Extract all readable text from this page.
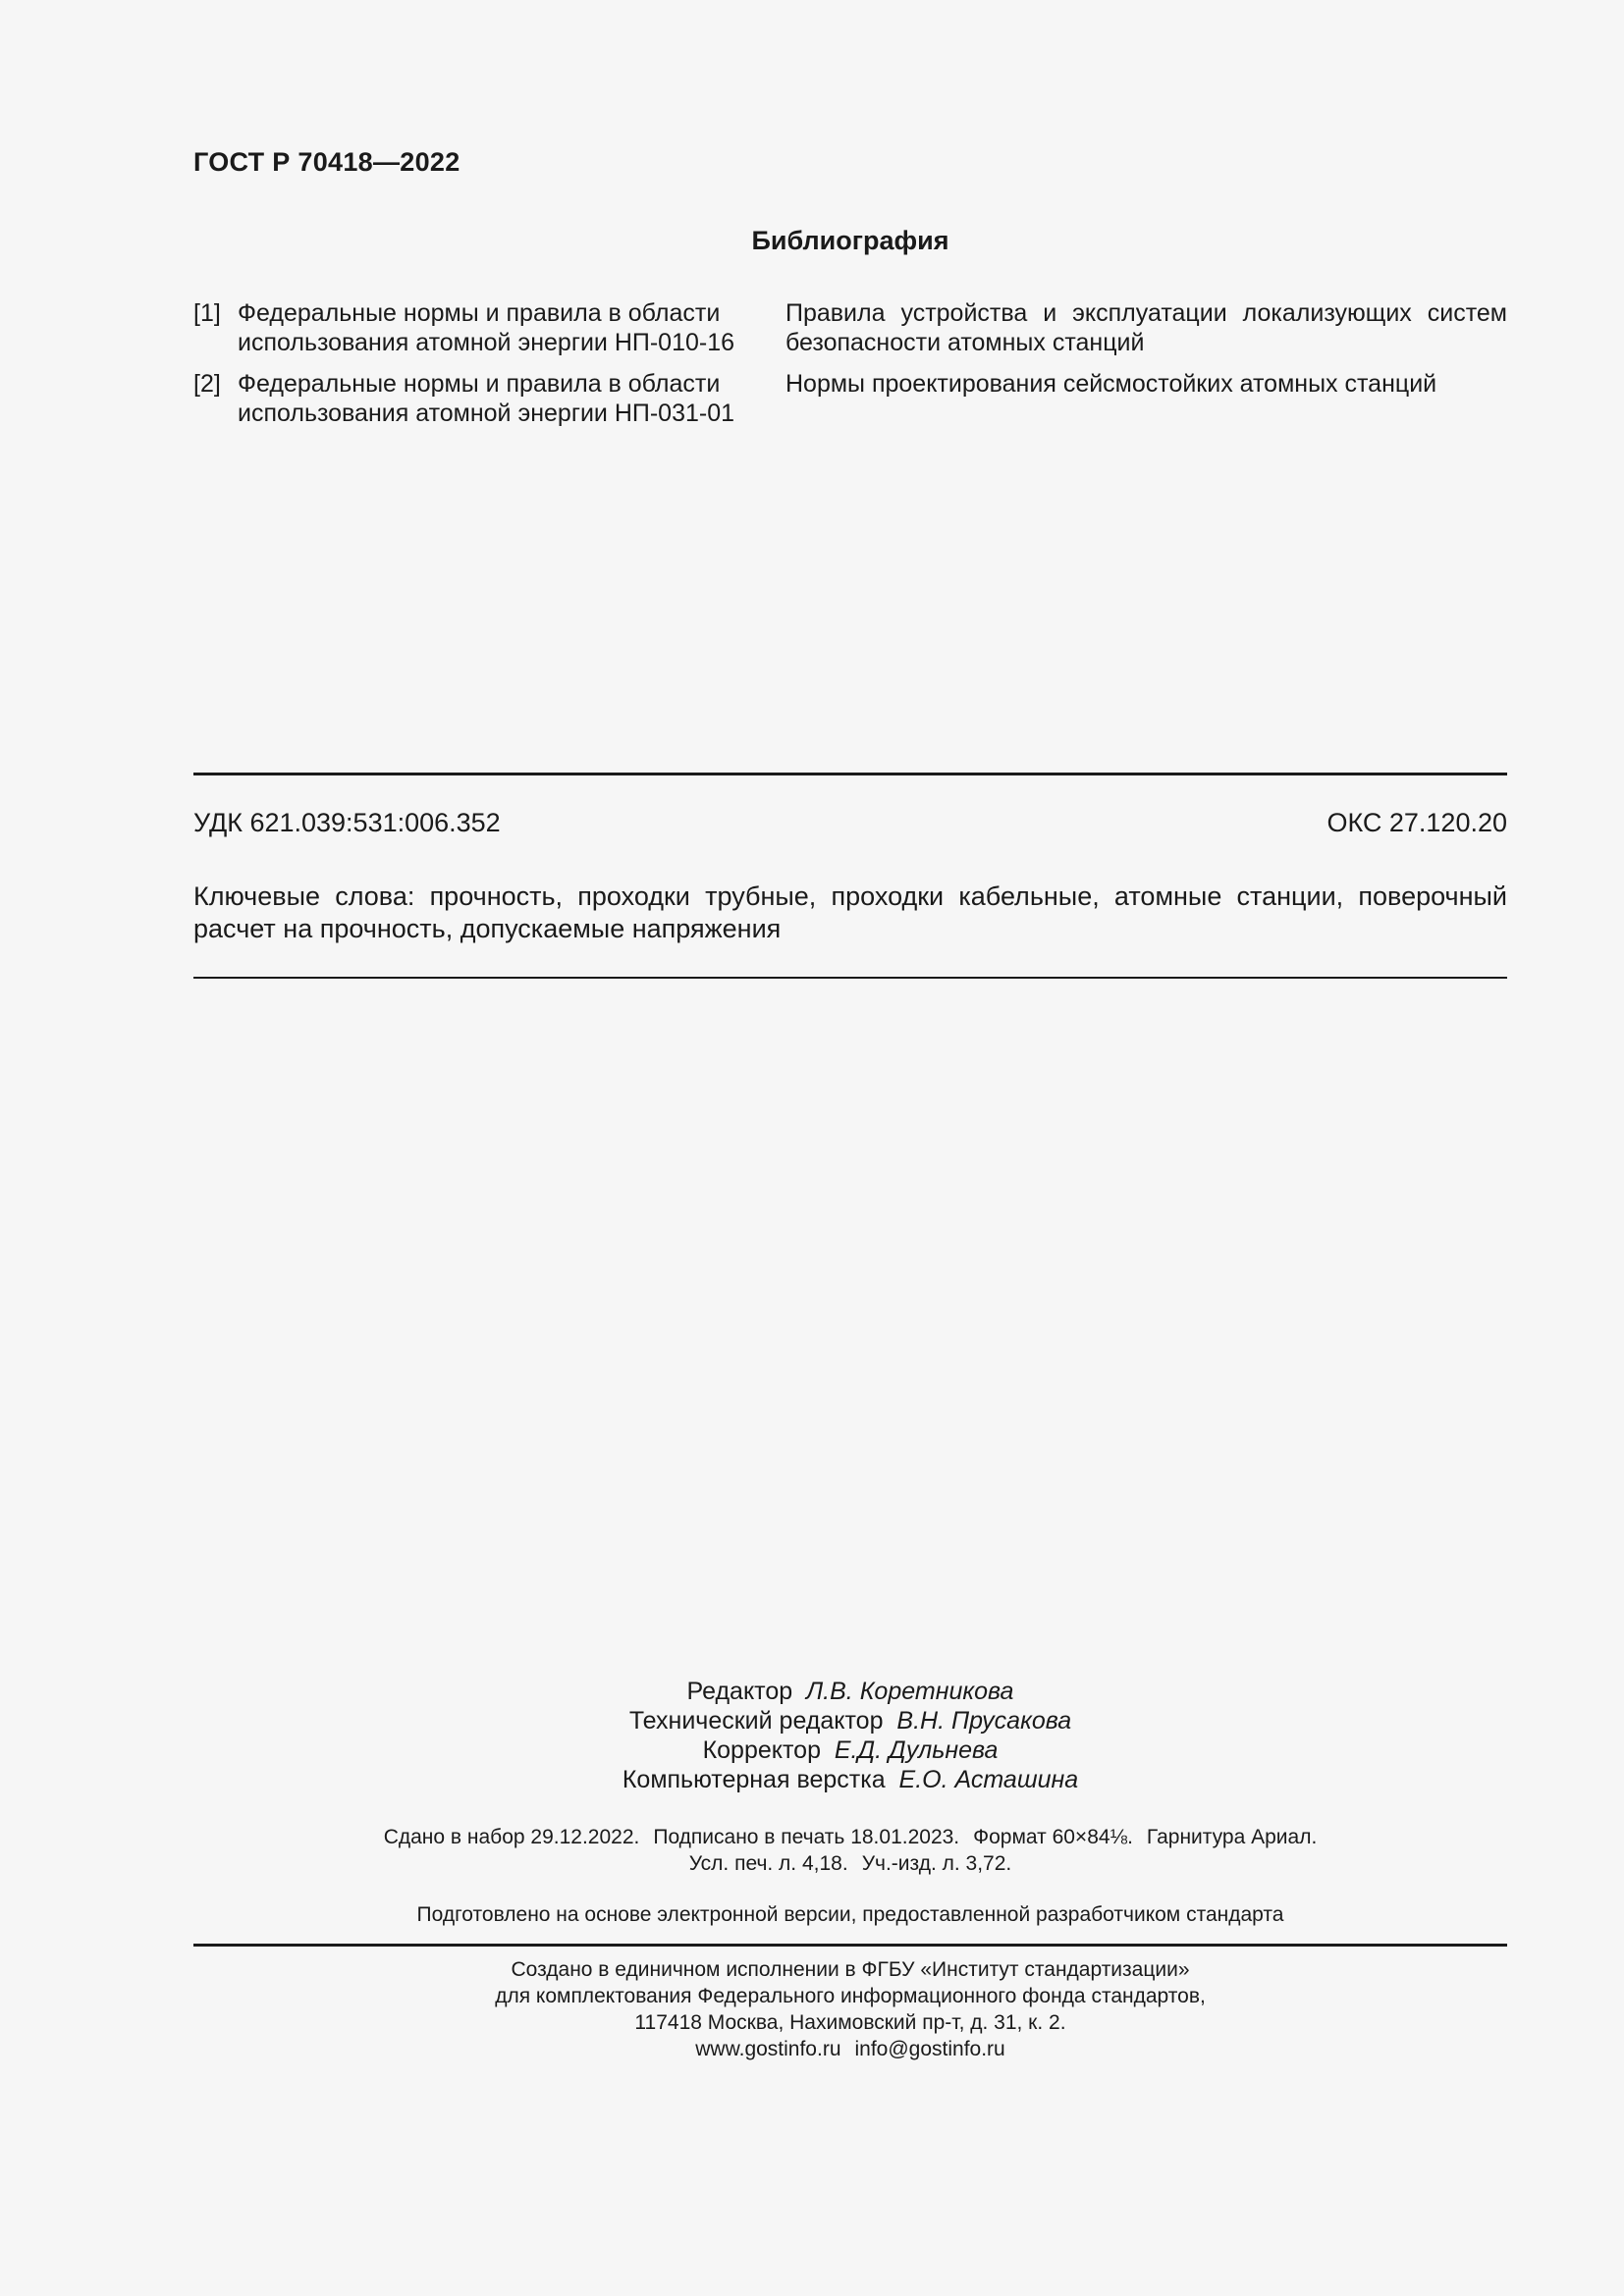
ГОСТ Р 70418—2022
Библиография
[1] Федеральные нормы и правила в области
использования атомной энергии НП-010-16
Правила устройства и эксплуатации локализующих систем безопасности атомных станций
[2] Федеральные нормы и правила в области
использования атомной энергии НП-031-01
Нормы проектирования сейсмостойких атомных станций
УДК 621.039:531:006.352	ОКС 27.120.20
Ключевые слова: прочность, проходки трубные, проходки кабельные, атомные станции, поверочный расчет на прочность, допускаемые напряжения
Редактор Л.В. Коретникова
Технический редактор В.Н. Прусакова
Корректор Е.Д. Дульнева
Компьютерная верстка Е.О. Асташина
Сдано в набор 29.12.2022. Подписано в печать 18.01.2023. Формат 60×84⅛. Гарнитура Ариал.
Усл. печ. л. 4,18. Уч.-изд. л. 3,72.
Подготовлено на основе электронной версии, предоставленной разработчиком стандарта
Создано в единичном исполнении в ФГБУ «Институт стандартизации»
для комплектования Федерального информационного фонда стандартов,
117418 Москва, Нахимовский пр-т, д. 31, к. 2.
www.gostinfo.ru info@gostinfo.ru
